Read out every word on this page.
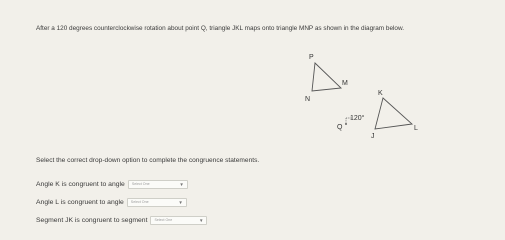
After a 120 degrees counterclockwise rotation about point Q, triangle JKL maps onto triangle MNP as shown in the diagram below.
P
M
N
K
L
J
Q
120°
Select the correct drop-down option to complete the congruence statements.
Angle K is congruent to angle Select One	▼
Angle L is congruent to angle Select One	▼
Segment JK is congruent to segment Select One	▼
